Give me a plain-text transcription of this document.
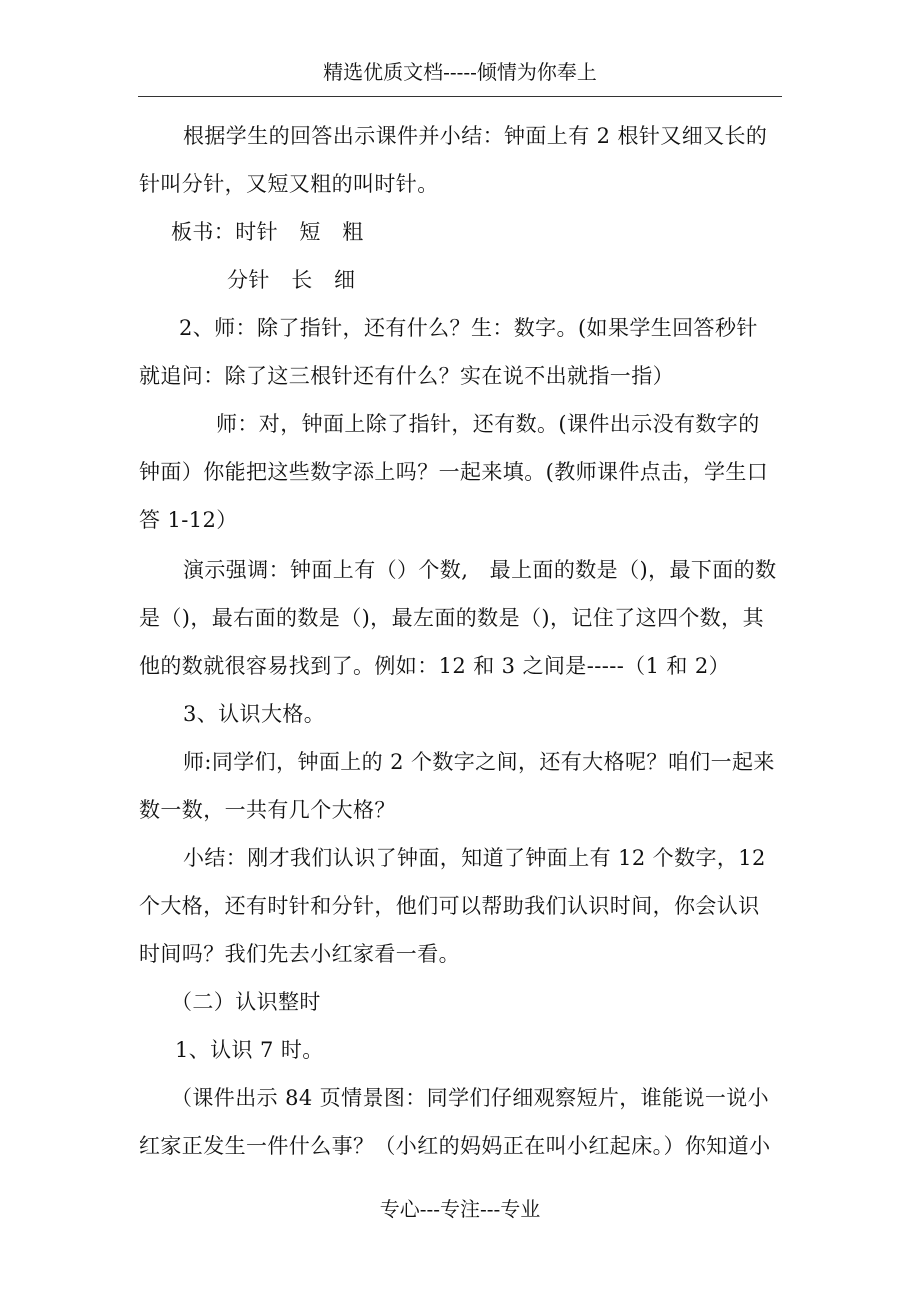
精选优质文档-----倾情为你奉上
根据学生的回答出示课件并小结：钟面上有 2 根针又细又长的
针叫分针，又短又粗的叫时针。
板书：时针　短　粗
分针　长　细
2、师：除了指针，还有什么？生：数字。(如果学生回答秒针
就追问：除了这三根针还有什么？实在说不出就指一指）
师：对，钟面上除了指针，还有数。(课件出示没有数字的
钟面）你能把这些数字添上吗？一起来填。(教师课件点击，学生口
答 1-12）
演示强调：钟面上有（）个数,　最上面的数是（)，最下面的数
是（)，最右面的数是（)，最左面的数是（)，记住了这四个数，其
他的数就很容易找到了。例如：12 和 3 之间是-----（1 和 2）
3、认识大格。
师:同学们，钟面上的 2 个数字之间，还有大格呢？咱们一起来
数一数，一共有几个大格？
小结：刚才我们认识了钟面，知道了钟面上有 12 个数字，12
个大格，还有时针和分针，他们可以帮助我们认识时间，你会认识
时间吗？我们先去小红家看一看。
（二）认识整时
1、认识 7 时。
（课件出示 84 页情景图：同学们仔细观察短片，谁能说一说小
红家正发生一件什么事？（小红的妈妈正在叫小红起床。）你知道小
专心---专注---专业
